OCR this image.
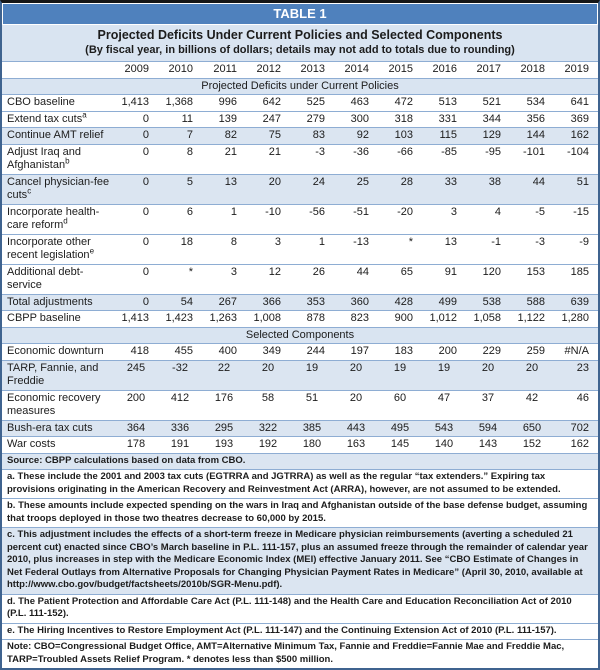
TABLE 1
Projected Deficits Under Current Policies and Selected Components
(By fiscal year, in billions of dollars; details may not add to totals due to rounding)
	2009	2010	2011	2012	2013	2014	2015	2016	2017	2018	2019
Projected Deficits under Current Policies											
CBO baseline	1,413	1,368	996	642	525	463	472	513	521	534	641
Extend tax cuts$^a$	0	11	139	247	279	300	318	331	344	356	369
Continue AMT relief	0	7	82	75	83	92	103	115	129	144	162
Adjust Iraq and Afghanistan$^b$	0	8	21	21	-3	-36	-66	-85	-95	-101	-104
Cancel physician-fee cuts$^c$	0	5	13	20	24	25	28	33	38	44	51
Incorporate health-care reform$^d$	0	6	1	-10	-56	-51	-20	3	4	-5	-15
Incorporate other recent legislation$^e$	0	18	8	3	1	-13	*	13	-1	-3	-9
Additional debt-service	0	*	3	12	26	44	65	91	120	153	185
Total adjustments	0	54	267	366	353	360	428	499	538	588	639
CBPP baseline	1,413	1,423	1,263	1,008	878	823	900	1,012	1,058	1,122	1,280
Selected Components											
Economic downturn	418	455	400	349	244	197	183	200	229	259	#N/A
TARP, Fannie, and Freddie	245	-32	22	20	19	20	19	19	20	20	23
Economic recovery measures	200	412	176	58	51	20	60	47	37	42	46
Bush-era tax cuts	364	336	295	322	385	443	495	543	594	650	702
War costs	178	191	193	192	180	163	145	140	143	152	162
Source: CBPP calculations based on data from CBO.
a. These include the 2001 and 2003 tax cuts (EGTRRA and JGTRRA) as well as the regular “tax extenders.” Expiring tax provisions originating in the American Recovery and Reinvestment Act (ARRA), however, are not assumed to be extended.
b. These amounts include expected spending on the wars in Iraq and Afghanistan outside of the base defense budget, assuming that troops deployed in those two theatres decrease to 60,000 by 2015.
c. This adjustment includes the effects of a short-term freeze in Medicare physician reimbursements (averting a scheduled 21 percent cut) enacted since CBO’s March baseline in P.L. 111-157, plus an assumed freeze through the remainder of calendar year 2010, plus increases in step with the Medicare Economic Index (MEI) effective January 2011. See “CBO Estimate of Changes in Net Federal Outlays from Alternative Proposals for Changing Physician Payment Rates in Medicare” (April 30, 2010, available at http://www.cbo.gov/budget/factsheets/2010b/SGR-Menu.pdf).
d. The Patient Protection and Affordable Care Act (P.L. 111-148) and the Health Care and Education Reconciliation Act of 2010 (P.L. 111-152).
e. The Hiring Incentives to Restore Employment Act (P.L. 111-147) and the Continuing Extension Act of 2010 (P.L. 111-157).
Note: CBO=Congressional Budget Office, AMT=Alternative Minimum Tax, Fannie and Freddie=Fannie Mae and Freddie Mac, TARP=Troubled Assets Relief Program. * denotes less than $500 million.
